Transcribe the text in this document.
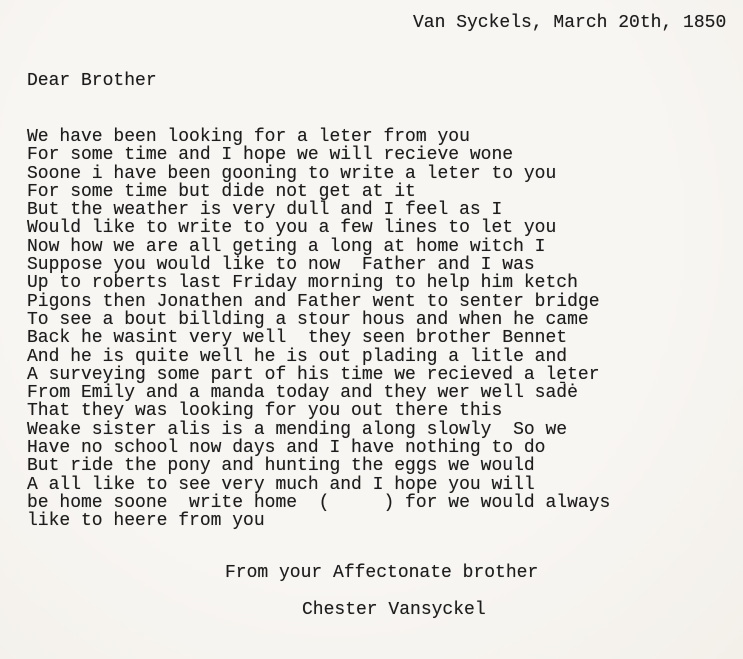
Van Syckels, March 20th, 1850
Dear Brother
We have been looking for a leter from you
For some time and I hope we will recieve wone
Soone i have been gooning to write a leter to you
For some time but dide not get at it
But the weather is very dull and I feel as I
Would like to write to you a few lines to let you
Now how we are all geting a long at home witch I
Suppose you would like to now  Father and I was
Up to roberts last Friday morning to help him ketch
Pigons then Jonathen and Father went to senter bridge
To see a bout billding a stour hous and when he came
Back he wasint very well  they seen brother Bennet
And he is quite well he is out plading a litle and
A surveying some part of his time we recieved a leter
From Emily and a manda today and they wer well sad̄ė
That they was looking for you out there this
Weake sister alis is a mending along slowly  So we
Have no school now days and I have nothing to do
But ride the pony and hunting the eggs we would
A all like to see very much and I hope you will
be home soone  write home  (     ) for we would always
like to heere from you
From your Affectonate brother
Chester Vansyckel
